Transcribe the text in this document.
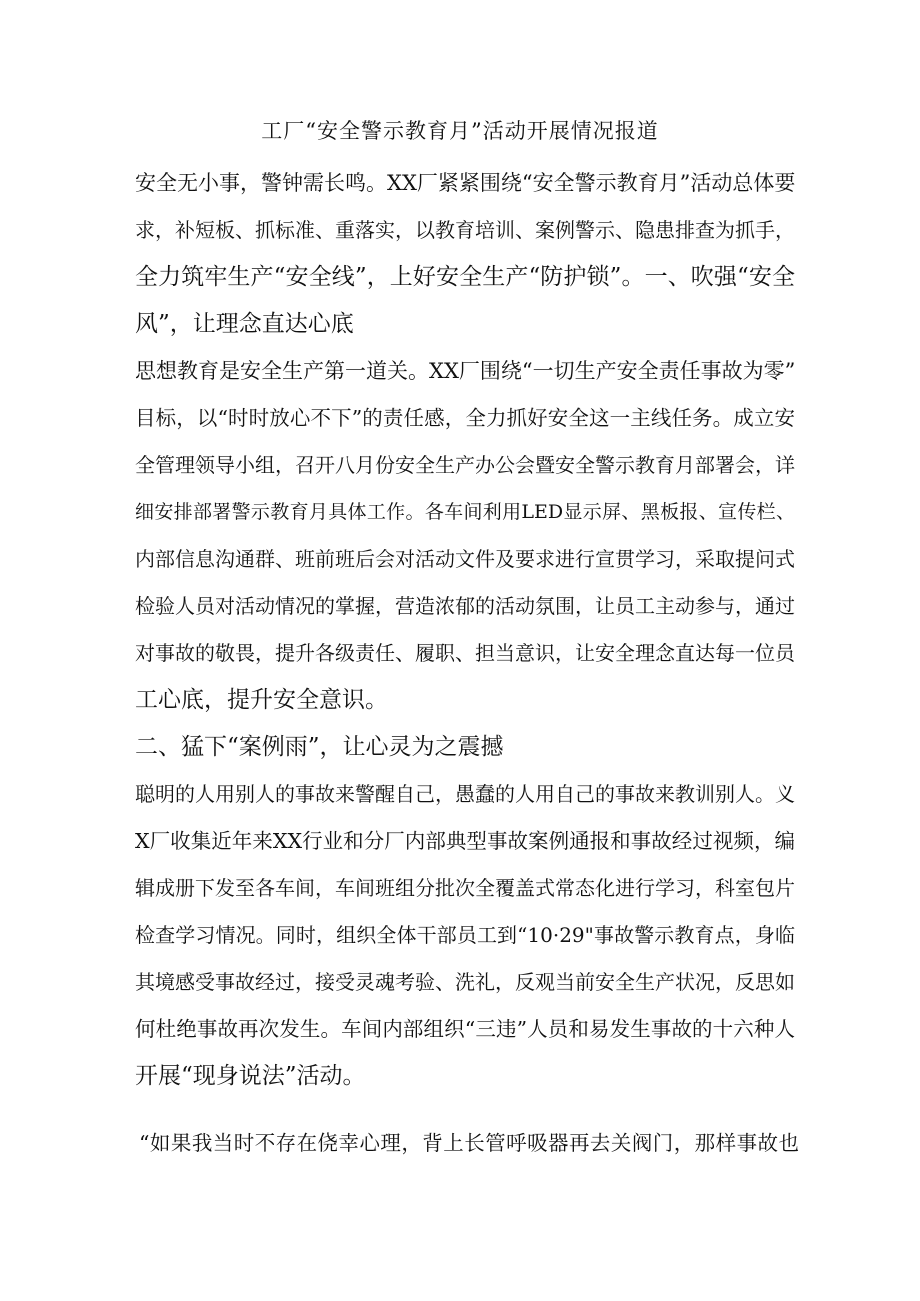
工厂“安全警示教育月”活动开展情况报道
安全无小事，警钟需长鸣。XX厂紧紧围绕“安全警示教育月”活动总体要
求，补短板、抓标准、重落实，以教育培训、案例警示、隐患排查为抓手，
全力筑牢生产“安全线”，上好安全生产“防护锁”。一、吹强“安全
风”，让理念直达心底
思想教育是安全生产第一道关。XX厂围绕“一切生产安全责任事故为零”
目标，以“时时放心不下”的责任感，全力抓好安全这一主线任务。成立安
全管理领导小组，召开八月份安全生产办公会暨安全警示教育月部署会，详
细安排部署警示教育月具体工作。各车间利用LED显示屏、黑板报、宣传栏、
内部信息沟通群、班前班后会对活动文件及要求进行宣贯学习，采取提问式
检验人员对活动情况的掌握，营造浓郁的活动氛围，让员工主动参与，通过
对事故的敬畏，提升各级责任、履职、担当意识，让安全理念直达每一位员
工心底，提升安全意识。
二、猛下“案例雨”，让心灵为之震撼
聪明的人用别人的事故来警醒自己，愚蠢的人用自己的事故来教训别人。义
X厂收集近年来XX行业和分厂内部典型事故案例通报和事故经过视频，编
辑成册下发至各车间，车间班组分批次全覆盖式常态化进行学习，科室包片
检查学习情况。同时，组织全体干部员工到“10·29"事故警示教育点，身临
其境感受事故经过，接受灵魂考验、洗礼，反观当前安全生产状况，反思如
何杜绝事故再次发生。车间内部组织“三违”人员和易发生事故的十六种人
开展“现身说法”活动。
“如果我当时不存在侥幸心理，背上长管呼吸器再去关阀门，那样事故也
